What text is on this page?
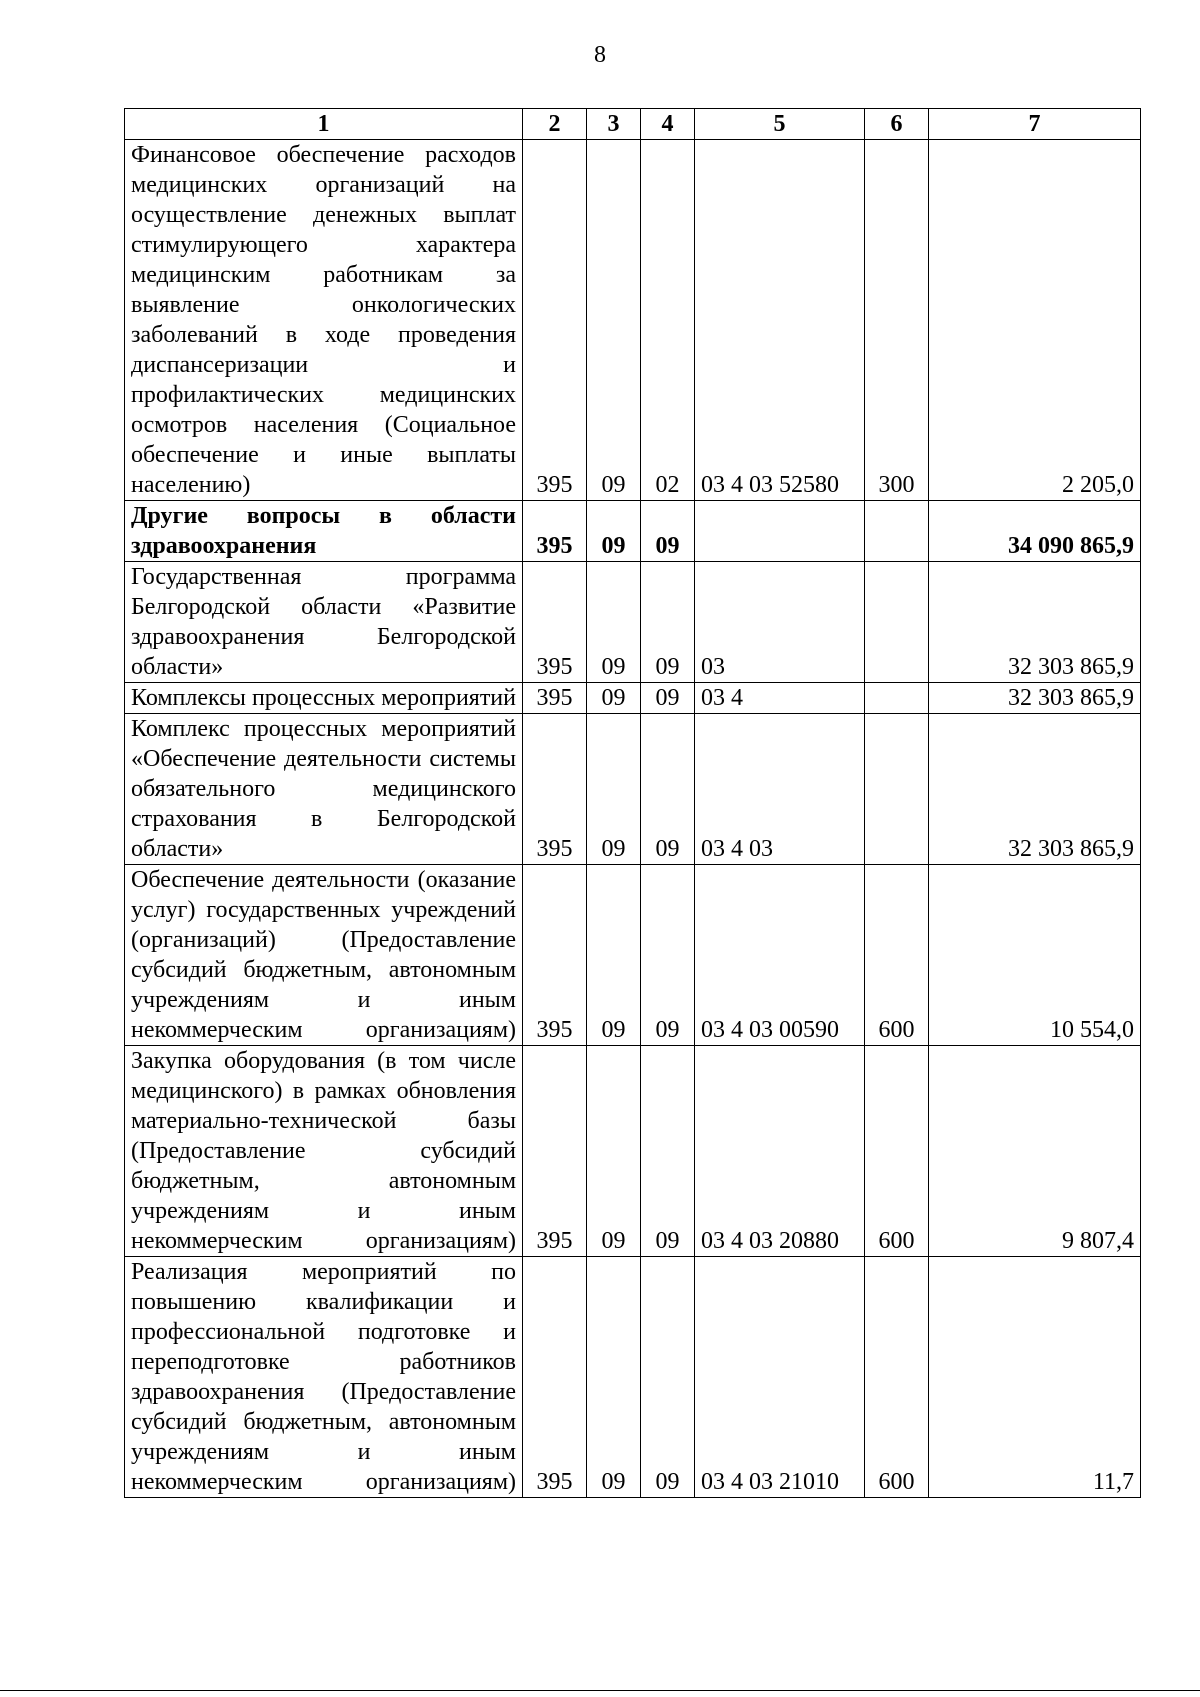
8
1	2	3	4	5	6	7
Финансовое обеспечение расходов медицинских организаций на осуществление денежных выплат стимулирующего характера медицинским работникам за выявление онкологических заболеваний в ходе проведения диспансеризации и профилактических медицинских осмотров населения (Социальное обеспечение и иные выплаты населению)	395	09	02	03 4 03 52580	300	2 205,0
Другие вопросы в области здравоохранения	395	09	09			34 090 865,9
Государственная программа Белгородской области «Развитие здравоохранения Белгородской области»	395	09	09	03		32 303 865,9
Комплексы процессных мероприятий	395	09	09	03 4		32 303 865,9
Комплекс процессных мероприятий «Обеспечение деятельности системы обязательного медицинского страхования в Белгородской области»	395	09	09	03 4 03		32 303 865,9
Обеспечение деятельности (оказание услуг) государственных учреждений (организаций) (Предоставление субсидий бюджетным, автономным учреждениям и иным некоммерческим организациям)	395	09	09	03 4 03 00590	600	10 554,0
Закупка оборудования (в том числе медицинского) в рамках обновления материально-технической базы (Предоставление субсидий бюджетным, автономным учреждениям и иным некоммерческим организациям)	395	09	09	03 4 03 20880	600	9 807,4
Реализация мероприятий по повышению квалификации и профессиональной подготовке и переподготовке работников здравоохранения (Предоставление субсидий бюджетным, автономным учреждениям и иным некоммерческим организациям)	395	09	09	03 4 03 21010	600	11,7
